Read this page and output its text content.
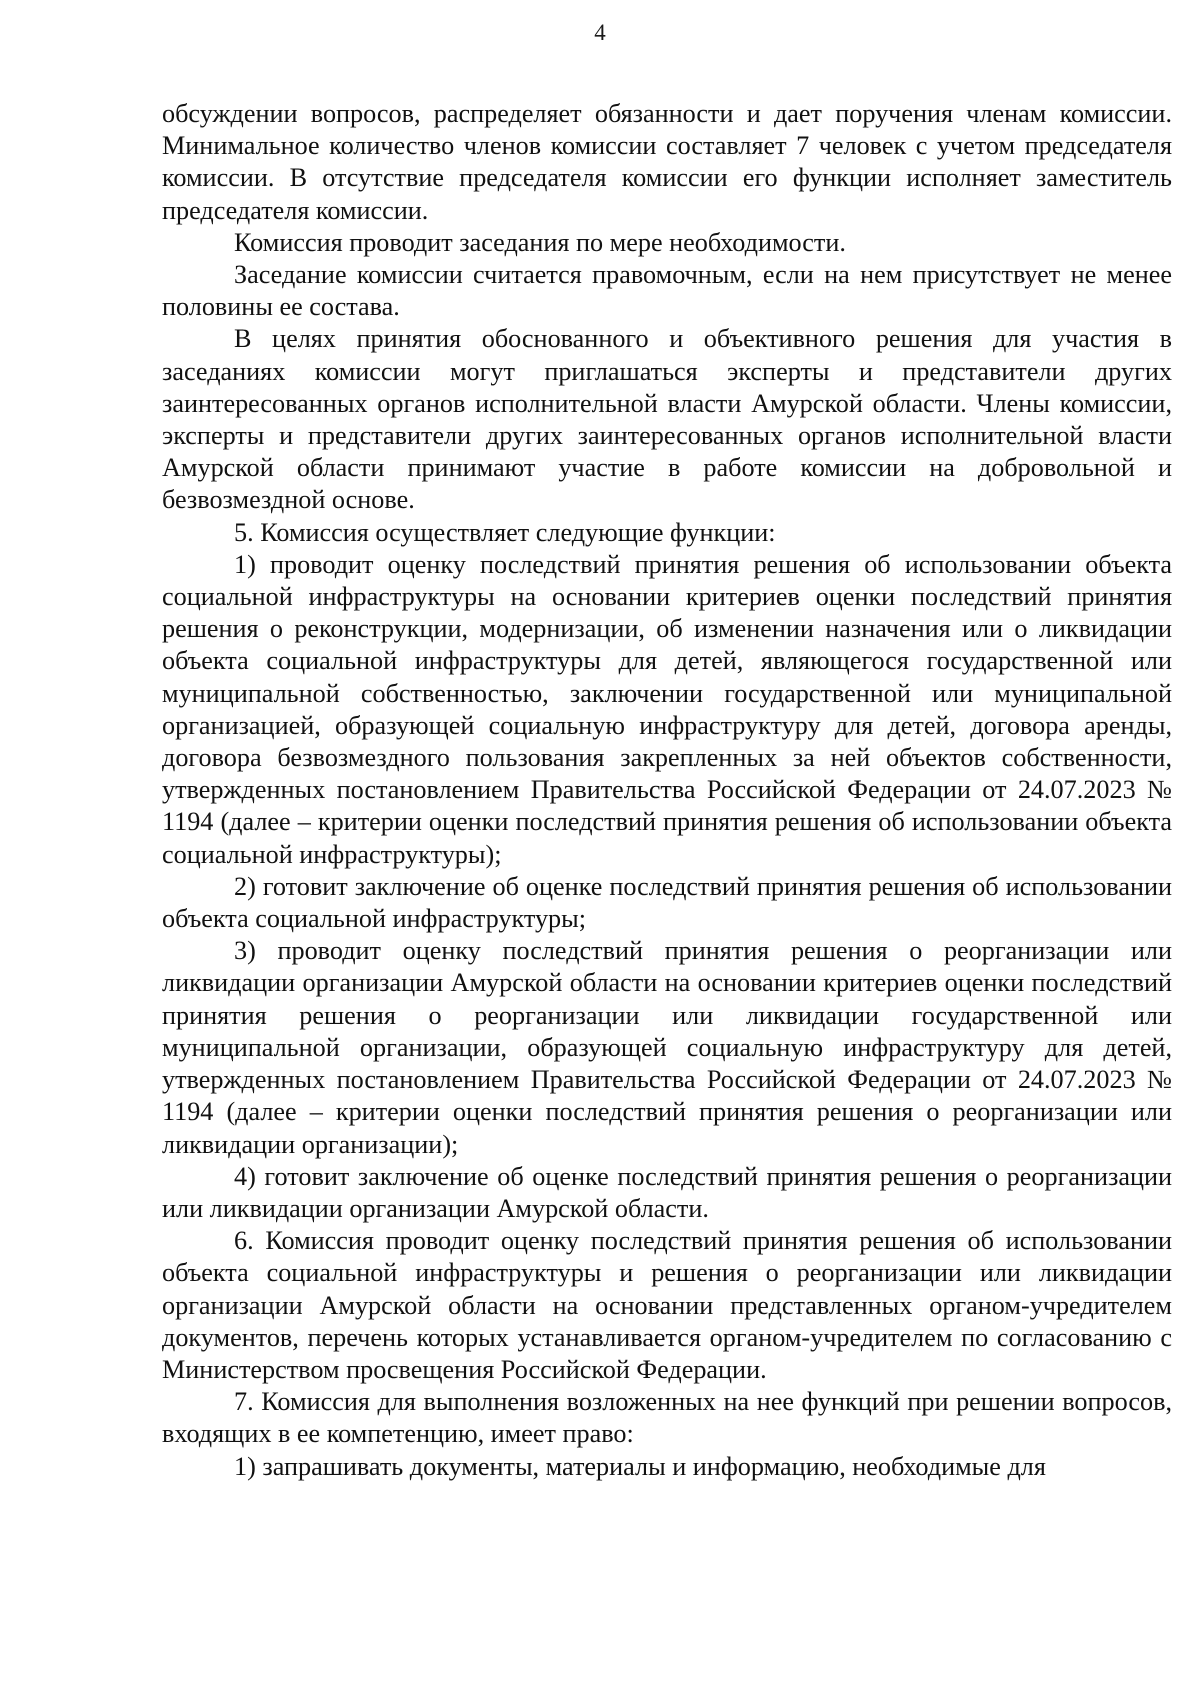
4

обсуждении вопросов, распределяет обязанности и дает поручения членам комиссии. Минимальное количество членов комиссии составляет 7 человек с учетом председателя комиссии. В отсутствие председателя комиссии его функции исполняет заместитель председателя комиссии.

Комиссия проводит заседания по мере необходимости.

Заседание комиссии считается правомочным, если на нем присутствует не менее половины ее состава.

В целях принятия обоснованного и объективного решения для участия в заседаниях комиссии могут приглашаться эксперты и представители других заинтересованных органов исполнительной власти Амурской области. Члены комиссии, эксперты и представители других заинтересованных органов исполнительной власти Амурской области принимают участие в работе комиссии на добровольной и безвозмездной основе.

5. Комиссия осуществляет следующие функции:

1) проводит оценку последствий принятия решения об использовании объекта социальной инфраструктуры на основании критериев оценки последствий принятия решения о реконструкции, модернизации, об изменении назначения или о ликвидации объекта социальной инфраструктуры для детей, являющегося государственной или муниципальной собственностью, заключении государственной или муниципальной организацией, образующей социальную инфраструктуру для детей, договора аренды, договора безвозмездного пользования закрепленных за ней объектов собственности, утвержденных постановлением Правительства Российской Федерации от 24.07.2023 № 1194 (далее – критерии оценки последствий принятия решения об использовании объекта социальной инфраструктуры);

2) готовит заключение об оценке последствий принятия решения об использовании объекта социальной инфраструктуры;

3) проводит оценку последствий принятия решения о реорганизации или ликвидации организации Амурской области на основании критериев оценки последствий принятия решения о реорганизации или ликвидации государственной или муниципальной организации, образующей социальную инфраструктуру для детей, утвержденных постановлением Правительства Российской Федерации от 24.07.2023 № 1194 (далее – критерии оценки последствий принятия решения о реорганизации или ликвидации организации);

4) готовит заключение об оценке последствий принятия решения о реорганизации или ликвидации организации Амурской области.

6. Комиссия проводит оценку последствий принятия решения об использовании объекта социальной инфраструктуры и решения о реорганизации или ликвидации организации Амурской области на основании представленных органом-учредителем документов, перечень которых устанавливается органом-учредителем по согласованию с Министерством просвещения Российской Федерации.

7. Комиссия для выполнения возложенных на нее функций при решении вопросов, входящих в ее компетенцию, имеет право:

1) запрашивать документы, материалы и информацию, необходимые для
